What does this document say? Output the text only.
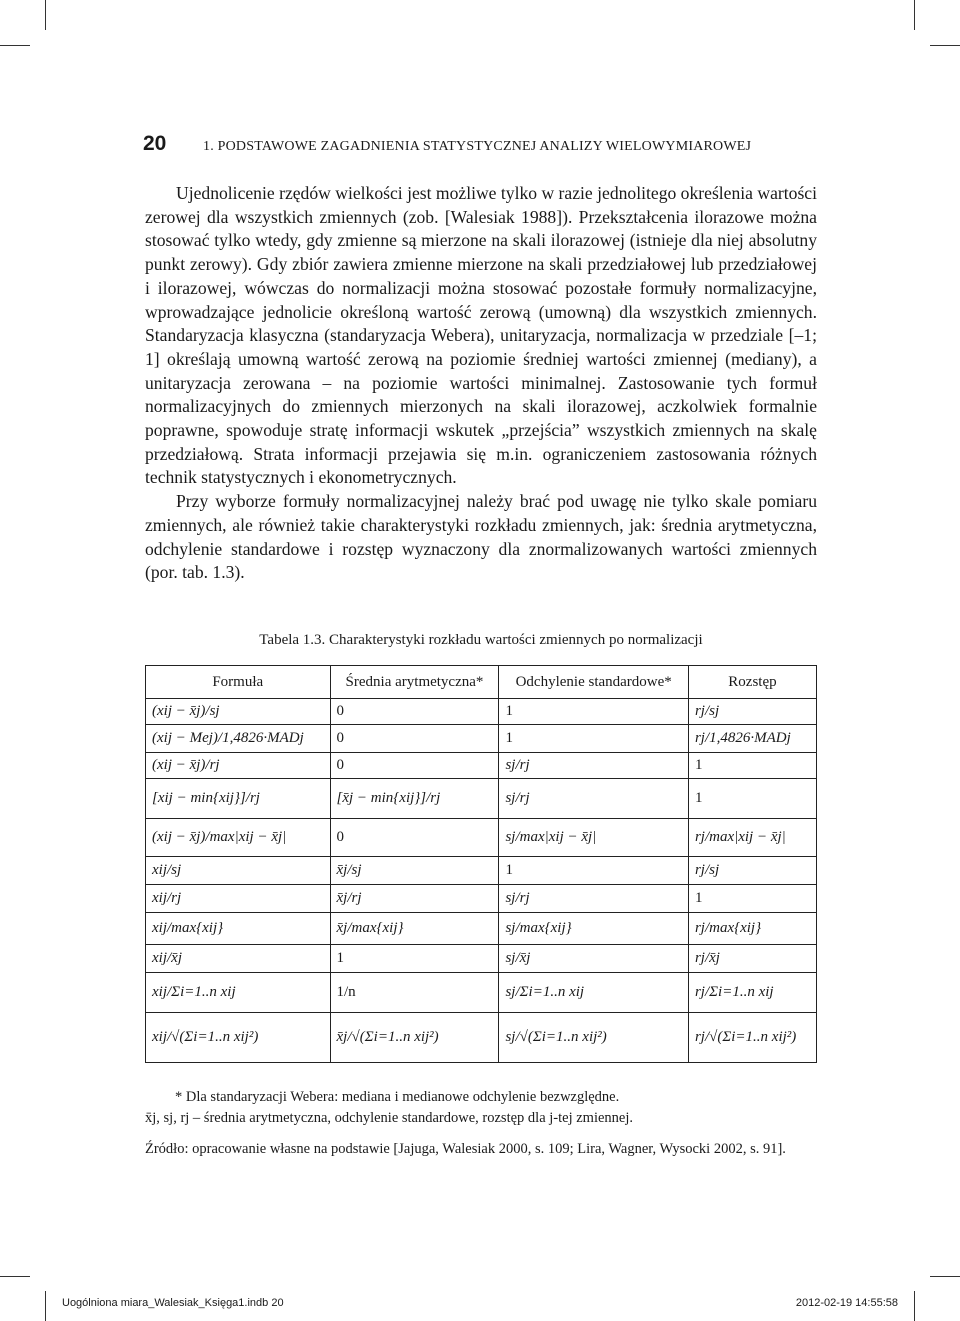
20	1. PODSTAWOWE ZAGADNIENIA STATYSTYCZNEJ ANALIZY WIELOWYMIAROWEJ

Ujednolicenie rzędów wielkości jest możliwe tylko w razie jednolitego określenia wartości zerowej dla wszystkich zmiennych (zob. [Walesiak 1988]). Przekształcenia ilorazowe można stosować tylko wtedy, gdy zmienne są mierzone na skali ilorazowej (istnieje dla niej absolutny punkt zerowy). Gdy zbiór zawiera zmienne mierzone na skali przedziałowej lub przedziałowej i ilorazowej, wówczas do normalizacji można stosować pozostałe formuły normalizacyjne, wprowadzające jednolicie określoną wartość zerową (umowną) dla wszystkich zmiennych. Standaryzacja klasyczna (standaryzacja Webera), unitaryzacja, normalizacja w przedziale [–1; 1] określają umowną wartość zerową na poziomie średniej wartości zmiennej (mediany), a unitaryzacja zerowana – na poziomie wartości minimalnej. Zastosowanie tych formuł normalizacyjnych do zmiennych mierzonych na skali ilorazowej, aczkolwiek formalnie poprawne, spowoduje stratę informacji wskutek „przejścia” wszystkich zmiennych na skalę przedziałową. Strata informacji przejawia się m.in. ograniczeniem zastosowania różnych technik statystycznych i ekonometrycznych.

Przy wyborze formuły normalizacyjnej należy brać pod uwagę nie tylko skale pomiaru zmiennych, ale również takie charakterystyki rozkładu zmiennych, jak: średnia arytmetyczna, odchylenie standardowe i rozstęp wyznaczony dla znormalizowanych wartości zmiennych (por. tab. 1.3).

Tabela 1.3. Charakterystyki rozkładu wartości zmiennych po normalizacji
Formuła	Średnia arytmetyczna*	Odchylenie standardowe*	Rozstęp
(xij − x̄j)/sj	0	1	rj/sj
(xij − Mej)/1,4826·MADj	0	1	rj/1,4826·MADj
(xij − x̄j)/rj	0	sj/rj	1
[xij − min{xij}]/rj	[x̄j − min{xij}]/rj	sj/rj	1
(xij − x̄j)/max|xij − x̄j|	0	sj/max|xij − x̄j|	rj/max|xij − x̄j|
xij/sj	x̄j/sj	1	rj/sj
xij/rj	x̄j/rj	sj/rj	1
xij/max{xij}	x̄j/max{xij}	sj/max{xij}	rj/max{xij}
xij/x̄j	1	sj/x̄j	rj/x̄j
xij/Σi=1..n xij	1/n	sj/Σi=1..n xij	rj/Σi=1..n xij
xij/√(Σi=1..n xij²)	x̄j/√(Σi=1..n xij²)	sj/√(Σi=1..n xij²)	rj/√(Σi=1..n xij²)
* Dla standaryzacji Webera: mediana i medianowe odchylenie bezwzględne.
x̄j, sj, rj – średnia arytmetyczna, odchylenie standardowe, rozstęp dla j-tej zmiennej.
Źródło: opracowanie własne na podstawie [Jajuga, Walesiak 2000, s. 109; Lira, Wagner, Wysocki 2002, s. 91].
Uogólniona miara_Walesiak_Księga1.indb 20	2012-02-19 14:55:58
